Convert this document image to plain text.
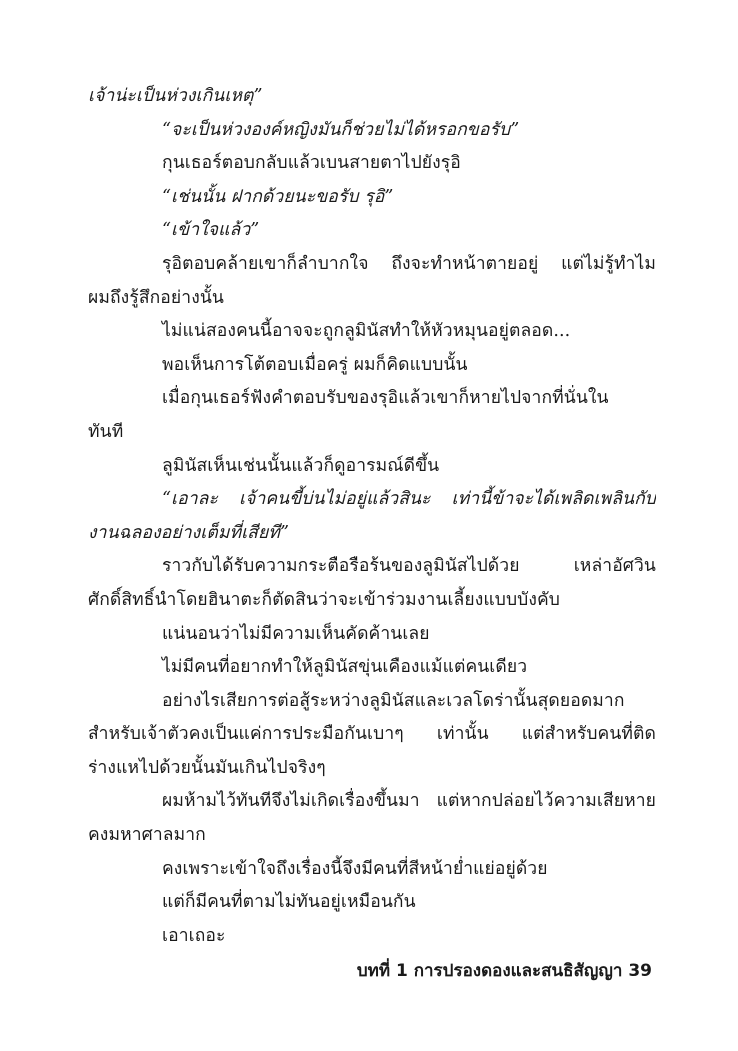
เจ้าน่ะเป็นห่วงเกินเหตุ”
“จะเป็นห่วงองค์หญิงมันก็ช่วยไม่ได้หรอกขอรับ”
กุนเธอร์ตอบกลับแล้วเบนสายตาไปยังรุอิ
“เช่นนั้น ฝากด้วยนะขอรับ รุอิ”
“เข้าใจแล้ว”
รุอิตอบคล้ายเขาก็ลำบากใจ ถึงจะทำหน้าตายอยู่ แต่ไม่รู้ทำไม
ผมถึงรู้สึกอย่างนั้น
ไม่แน่สองคนนี้อาจจะถูกลูมินัสทำให้หัวหมุนอยู่ตลอด...
พอเห็นการโต้ตอบเมื่อครู่ ผมก็คิดแบบนั้น
เมื่อกุนเธอร์ฟังคำตอบรับของรุอิแล้วเขาก็หายไปจากที่นั่นใน
ทันที
ลูมินัสเห็นเช่นนั้นแล้วก็ดูอารมณ์ดีขึ้น
“เอาละ เจ้าคนขี้บ่นไม่อยู่แล้วสินะ เท่านี้ข้าจะได้เพลิดเพลินกับ
งานฉลองอย่างเต็มที่เสียที”
ราวกับได้รับความกระตือรือร้นของลูมินัสไปด้วย เหล่าอัศวิน
ศักดิ์สิทธิ์นำโดยฮินาตะก็ตัดสินว่าจะเข้าร่วมงานเลี้ยงแบบบังคับ
แน่นอนว่าไม่มีความเห็นคัดค้านเลย
ไม่มีคนที่อยากทำให้ลูมินัสขุ่นเคืองแม้แต่คนเดียว
อย่างไรเสียการต่อสู้ระหว่างลูมินัสและเวลโดร่านั้นสุดยอดมาก
สำหรับเจ้าตัวคงเป็นแค่การประมือกันเบาๆ เท่านั้น แต่สำหรับคนที่ติด
ร่างแหไปด้วยนั้นมันเกินไปจริงๆ
ผมห้ามไว้ทันทีจึงไม่เกิดเรื่องขึ้นมา แต่หากปล่อยไว้ความเสียหาย
คงมหาศาลมาก
คงเพราะเข้าใจถึงเรื่องนี้จึงมีคนที่สีหน้าย่ำแย่อยู่ด้วย
แต่ก็มีคนที่ตามไม่ทันอยู่เหมือนกัน
เอาเถอะ
บทที่ 1 การปรองดองและสนธิสัญญา 39
